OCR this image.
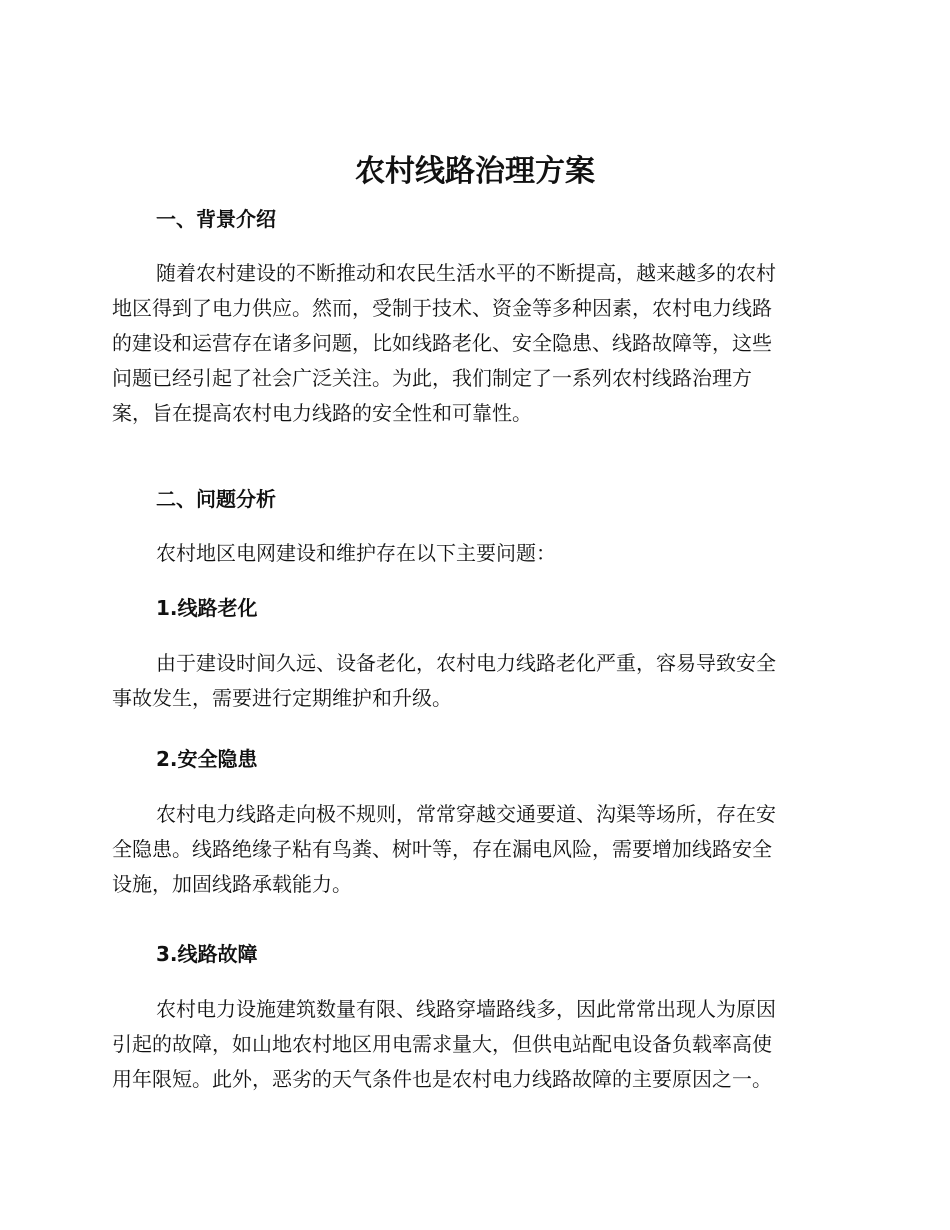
农村线路治理方案
一、背景介绍
随着农村建设的不断推动和农民生活水平的不断提高，越来越多的农村
地区得到了电力供应。然而，受制于技术、资金等多种因素，农村电力线路
的建设和运营存在诸多问题，比如线路老化、安全隐患、线路故障等，这些
问题已经引起了社会广泛关注。为此，我们制定了一系列农村线路治理方
案，旨在提高农村电力线路的安全性和可靠性。
二、问题分析
农村地区电网建设和维护存在以下主要问题：
1.线路老化
由于建设时间久远、设备老化，农村电力线路老化严重，容易导致安全
事故发生，需要进行定期维护和升级。
2.安全隐患
农村电力线路走向极不规则，常常穿越交通要道、沟渠等场所，存在安
全隐患。线路绝缘子粘有鸟粪、树叶等，存在漏电风险，需要增加线路安全
设施，加固线路承载能力。
3.线路故障
农村电力设施建筑数量有限、线路穿墙路线多，因此常常出现人为原因
引起的故障，如山地农村地区用电需求量大，但供电站配电设备负载率高使
用年限短。此外，恶劣的天气条件也是农村电力线路故障的主要原因之一。
